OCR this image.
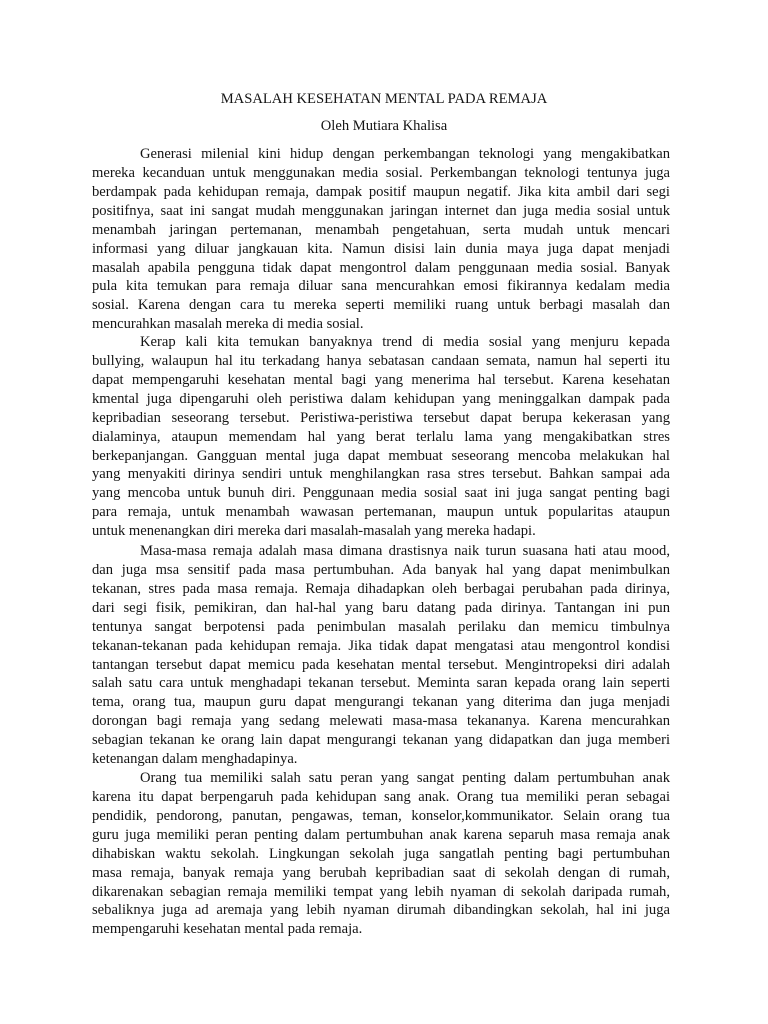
MASALAH KESEHATAN MENTAL PADA REMAJA
Oleh Mutiara Khalisa
Generasi milenial kini hidup dengan perkembangan teknologi yang mengakibatkan
mereka kecanduan untuk menggunakan media sosial. Perkembangan teknologi tentunya juga
berdampak pada kehidupan remaja, dampak positif maupun negatif. Jika kita ambil dari segi
positifnya, saat ini sangat mudah menggunakan jaringan internet dan juga media sosial untuk
menambah jaringan pertemanan, menambah pengetahuan, serta mudah untuk mencari
informasi yang diluar jangkauan kita. Namun disisi lain dunia maya juga dapat menjadi
masalah apabila pengguna tidak dapat mengontrol dalam penggunaan media sosial. Banyak
pula kita temukan para remaja diluar sana mencurahkan emosi fikirannya kedalam media
sosial. Karena dengan cara tu mereka seperti memiliki ruang untuk berbagi masalah dan
mencurahkan masalah mereka di media sosial.
Kerap kali kita temukan banyaknya trend di media sosial yang menjuru kepada
bullying, walaupun hal itu terkadang hanya sebatasan candaan semata, namun hal seperti itu
dapat mempengaruhi kesehatan mental bagi yang menerima hal tersebut. Karena kesehatan
kmental juga dipengaruhi oleh peristiwa dalam kehidupan yang meninggalkan dampak pada
kepribadian seseorang tersebut. Peristiwa-peristiwa tersebut dapat berupa kekerasan yang
dialaminya, ataupun memendam hal yang berat terlalu lama yang mengakibatkan stres
berkepanjangan. Gangguan mental juga dapat membuat seseorang mencoba melakukan hal
yang menyakiti dirinya sendiri untuk menghilangkan rasa stres tersebut. Bahkan sampai ada
yang mencoba untuk bunuh diri. Penggunaan media sosial saat ini juga sangat penting bagi
para remaja, untuk menambah wawasan pertemanan, maupun untuk popularitas ataupun
untuk menenangkan diri mereka dari masalah-masalah yang mereka hadapi.
Masa-masa remaja adalah masa dimana drastisnya naik turun suasana hati atau mood,
dan juga msa sensitif pada masa pertumbuhan. Ada banyak hal yang dapat menimbulkan
tekanan, stres pada masa remaja. Remaja dihadapkan oleh berbagai perubahan pada dirinya,
dari segi fisik, pemikiran, dan hal-hal yang baru datang pada dirinya. Tantangan ini pun
tentunya sangat berpotensi pada penimbulan masalah perilaku dan memicu timbulnya
tekanan-tekanan pada kehidupan remaja. Jika tidak dapat mengatasi atau mengontrol kondisi
tantangan tersebut dapat memicu pada kesehatan mental tersebut. Mengintropeksi diri adalah
salah satu cara untuk menghadapi tekanan tersebut. Meminta saran kepada orang lain seperti
tema, orang tua, maupun guru dapat mengurangi tekanan yang diterima dan juga menjadi
dorongan bagi remaja yang sedang melewati masa-masa tekananya. Karena mencurahkan
sebagian tekanan ke orang lain dapat mengurangi tekanan yang didapatkan dan juga memberi
ketenangan dalam menghadapinya.
Orang tua memiliki salah satu peran yang sangat penting dalam pertumbuhan anak
karena itu dapat berpengaruh pada kehidupan sang anak. Orang tua memiliki peran sebagai
pendidik, pendorong, panutan, pengawas, teman, konselor,kommunikator. Selain orang tua
guru juga memiliki peran penting dalam pertumbuhan anak karena separuh masa remaja anak
dihabiskan waktu sekolah. Lingkungan sekolah juga sangatlah penting bagi pertumbuhan
masa remaja, banyak remaja yang berubah kepribadian saat di sekolah dengan di rumah,
dikarenakan sebagian remaja memiliki tempat yang lebih nyaman di sekolah daripada rumah,
sebaliknya juga ad aremaja yang lebih nyaman dirumah dibandingkan sekolah, hal ini juga
mempengaruhi kesehatan mental pada remaja.
